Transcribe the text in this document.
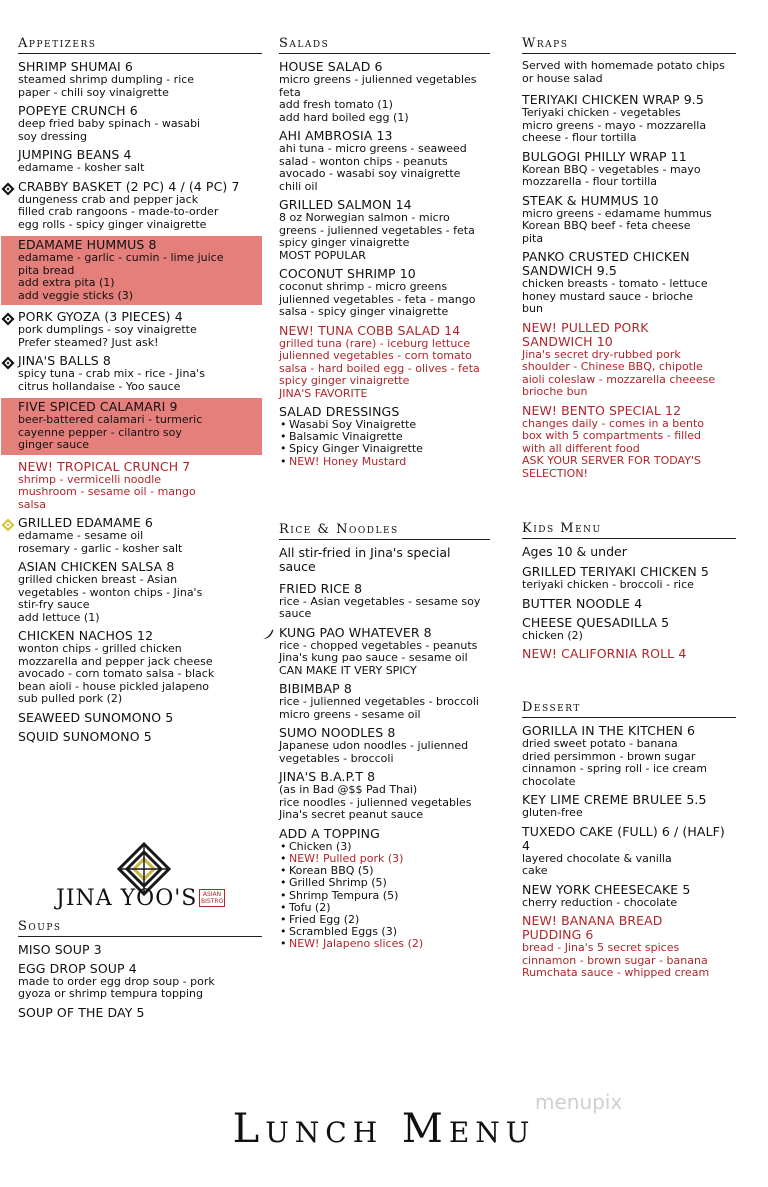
Appetizers
SHRIMP SHUMAI 6
steamed shrimp dumpling - rice
paper - chili soy vinaigrette
POPEYE CRUNCH 6
deep fried baby spinach - wasabi
soy dressing
JUMPING BEANS 4
edamame - kosher salt
CRABBY BASKET (2 PC) 4 / (4 PC) 7
dungeness crab and pepper jack
filled crab rangoons - made-to-order
egg rolls - spicy ginger vinaigrette
EDAMAME HUMMUS 8
edamame - garlic - cumin - lime juice
pita bread
add extra pita (1)
add veggie sticks (3)
PORK GYOZA (3 PIECES) 4
pork dumplings - soy vinaigrette
Prefer steamed? Just ask!
JINA'S BALLS 8
spicy tuna - crab mix - rice - Jina's
citrus hollandaise - Yoo sauce
FIVE SPICED CALAMARI 9
beer-battered calamari - turmeric
cayenne pepper - cilantro soy
ginger sauce
NEW! TROPICAL CRUNCH 7
shrimp - vermicelli noodle
mushroom - sesame oil - mango
salsa
GRILLED EDAMAME 6
edamame - sesame oil
rosemary - garlic - kosher salt
ASIAN CHICKEN SALSA 8
grilled chicken breast - Asian
vegetables - wonton chips - Jina's
stir-fry sauce
add lettuce (1)
CHICKEN NACHOS 12
wonton chips - grilled chicken
mozzarella and pepper jack cheese
avocado - corn tomato salsa - black
bean aioli - house pickled jalapeno
sub pulled pork (2)
SEAWEED SUNOMONO 5
SQUID SUNOMONO 5
Soups
MISO SOUP 3
EGG DROP SOUP 4
made to order egg drop soup - pork
gyoza or shrimp tempura topping
SOUP OF THE DAY 5
JINA YOO'S ASIAN BISTRO
Salads
HOUSE SALAD 6
micro greens - julienned vegetables
feta
add fresh tomato (1)
add hard boiled egg (1)
AHI AMBROSIA 13
ahi tuna - micro greens - seaweed
salad - wonton chips - peanuts
avocado - wasabi soy vinaigrette
chili oil
GRILLED SALMON 14
8 oz Norwegian salmon - micro
greens - julienned vegetables - feta
spicy ginger vinaigrette
MOST POPULAR
COCONUT SHRIMP 10
coconut shrimp - micro greens
julienned vegetables - feta - mango
salsa - spicy ginger vinaigrette
NEW! TUNA COBB SALAD 14
grilled tuna (rare) - iceburg lettuce
julienned vegetables - corn tomato
salsa - hard boiled egg - olives - feta
spicy ginger vinaigrette
JINA'S FAVORITE
SALAD DRESSINGS
• Wasabi Soy Vinaigrette
• Balsamic Vinaigrette
• Spicy Ginger Vinaigrette
• NEW! Honey Mustard
Rice & Noodles
All stir-fried in Jina's special
sauce
FRIED RICE 8
rice - Asian vegetables - sesame soy
sauce
KUNG PAO WHATEVER 8
rice - chopped vegetables - peanuts
Jina's kung pao sauce - sesame oil
CAN MAKE IT VERY SPICY
BIBIMBAP 8
rice - julienned vegetables - broccoli
micro greens - sesame oil
SUMO NOODLES 8
Japanese udon noodles - julienned
vegetables - broccoli
JINA'S B.A.P.T 8
(as in Bad @$$ Pad Thai)
rice noodles - julienned vegetables
Jina's secret peanut sauce
ADD A TOPPING
• Chicken (3)
• NEW! Pulled pork (3)
• Korean BBQ (5)
• Grilled Shrimp (5)
• Shrimp Tempura (5)
• Tofu (2)
• Fried Egg (2)
• Scrambled Eggs (3)
• NEW! Jalapeno slices (2)
Wraps
Served with homemade potato chips
or house salad
TERIYAKI CHICKEN WRAP 9.5
Teriyaki chicken - vegetables
micro greens - mayo - mozzarella
cheese - flour tortilla
BULGOGI PHILLY WRAP 11
Korean BBQ - vegetables - mayo
mozzarella - flour tortilla
STEAK & HUMMUS 10
micro greens - edamame hummus
Korean BBQ beef - feta cheese
pita
PANKO CRUSTED CHICKEN
SANDWICH 9.5
chicken breasts - tomato - lettuce
honey mustard sauce - brioche
bun
NEW! PULLED PORK
SANDWICH 10
Jina's secret dry-rubbed pork
shoulder - Chinese BBQ, chipotle
aioli coleslaw - mozzarella cheeese
brioche bun
NEW! BENTO SPECIAL 12
changes daily - comes in a bento
box with 5 compartments - filled
with all different food
ASK YOUR SERVER FOR TODAY'S
SELECTION!
Kids Menu
Ages 10 & under
GRILLED TERIYAKI CHICKEN 5
teriyaki chicken - broccoli - rice
BUTTER NOODLE 4
CHEESE QUESADILLA 5
chicken (2)
NEW! CALIFORNIA ROLL 4
Dessert
GORILLA IN THE KITCHEN 6
dried sweet potato - banana
dried persimmon - brown sugar
cinnamon - spring roll - ice cream
chocolate
KEY LIME CREME BRULEE 5.5
gluten-free
TUXEDO CAKE (FULL) 6 / (HALF) 4
layered chocolate & vanilla
cake
NEW YORK CHEESECAKE 5
cherry reduction - chocolate
NEW! BANANA BREAD
PUDDING 6
bread - Jina's 5 secret spices
cinnamon - brown sugar - banana
Rumchata sauce - whipped cream
menupix
Lunch Menu
